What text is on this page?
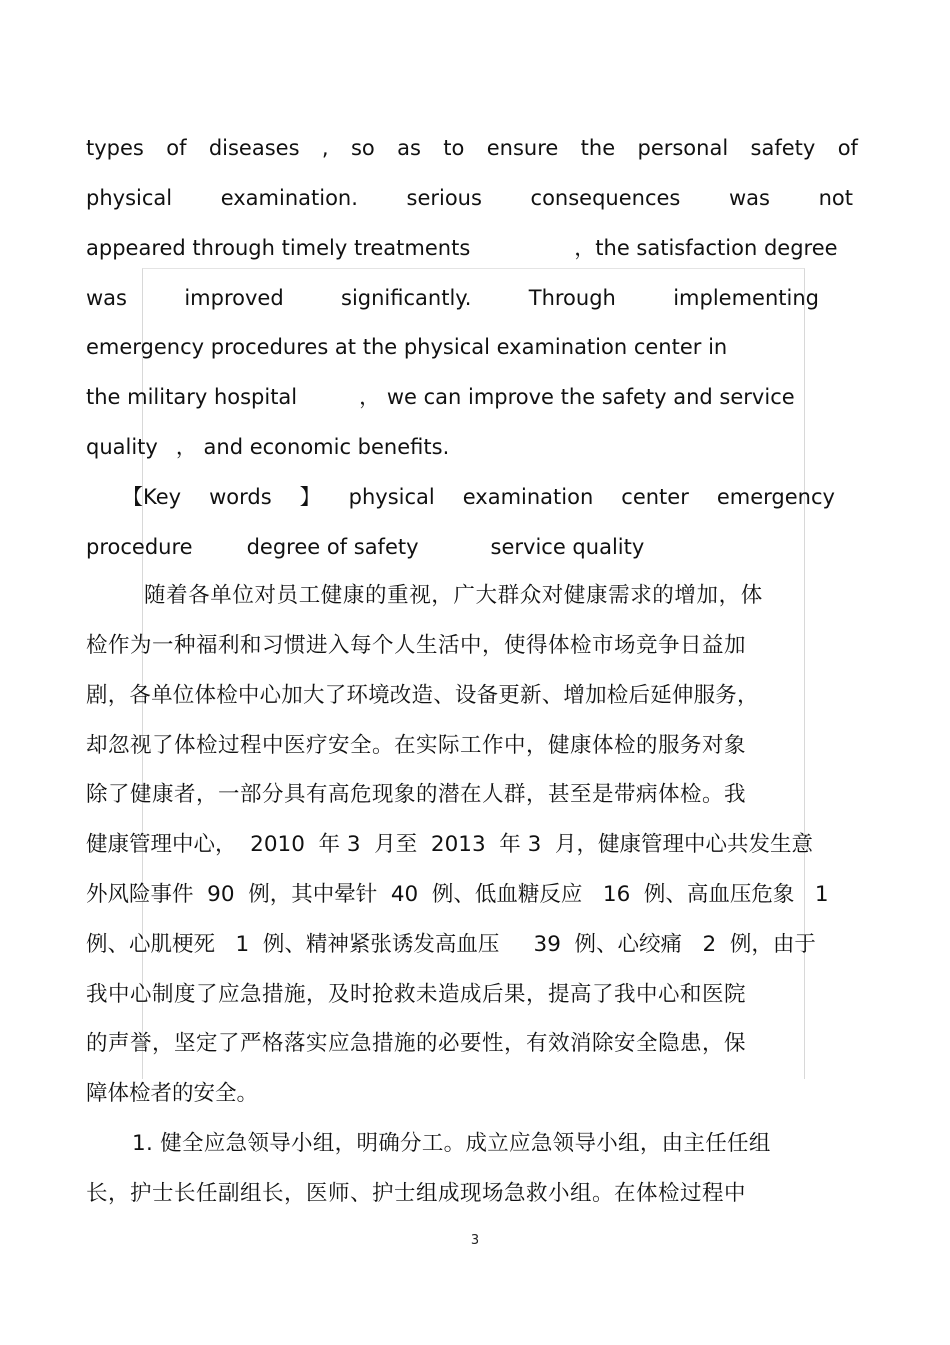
types of diseases , so as to ensure the personal safety of
physical examination. serious consequences was not
appeared through timely treatments	，the satisfaction degree
was	improved	significantly.	Through	implementing
emergency procedures at the physical examination center in
the military hospital	， we can improve the safety and service
quality ， and economic benefits.
【Key words 】 physical examination center emergency
procedure	degree of safety	service quality
随着各单位对员工健康的重视，广大群众对健康需求的增加，体
检作为一种福利和习惯进入每个人生活中，使得体检市场竞争日益加
剧，各单位体检中心加大了环境改造、设备更新、增加检后延伸服务，
却忽视了体检过程中医疗安全。在实际工作中，健康体检的服务对象
除了健康者，一部分具有高危现象的潜在人群，甚至是带病体检。我
健康管理中心，  2010  年 3  月至  2013  年 3  月，健康管理中心共发生意
外风险事件  90  例，其中晕针  40  例、低血糖反应   16  例、高血压危象   1
例、心肌梗死   1  例、精神紧张诱发高血压     39  例、心绞痛   2  例，由于
我中心制度了应急措施，及时抢救未造成后果，提高了我中心和医院
的声誉，坚定了严格落实应急措施的必要性，有效消除安全隐患，保
障体检者的安全。
1. 健全应急领导小组，明确分工。成立应急领导小组，由主任任组
长，护士长任副组长，医师、护士组成现场急救小组。在体检过程中
3
